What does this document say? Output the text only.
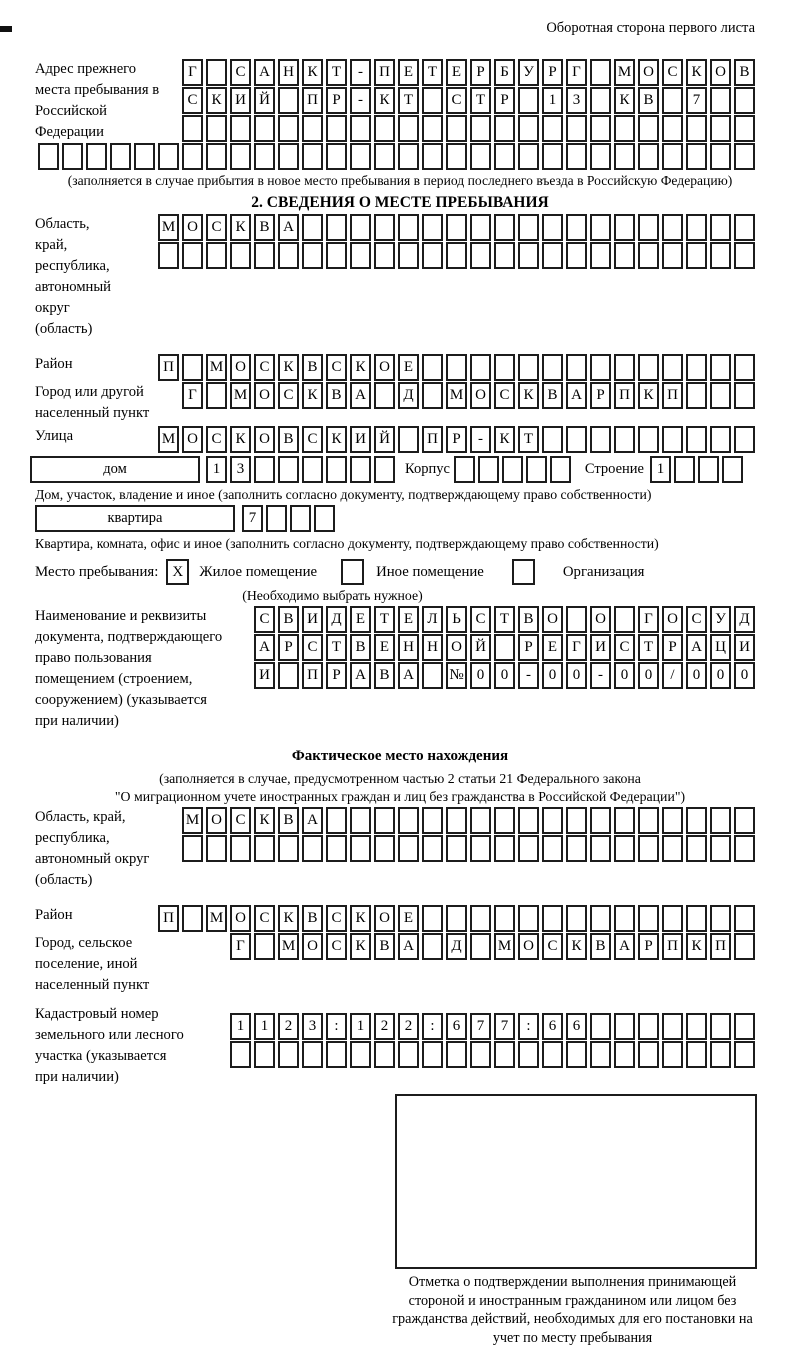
Оборотная сторона первого листа
Адрес прежнего места пребывания в Российской Федерации
Г	С А Н К Т	-	П Е Т Е	Р	Б У Р	Г	М О С К О В
С К И Й	П Р	-	К Т	С Т	Р	1	3	К В	7
(заполняется в случае прибытия в новое место пребывания в период последнего въезда в Российскую Федерацию)
2. СВЕДЕНИЯ О МЕСТЕ ПРЕБЫВАНИЯ
Область, край, республика, автономный округ (область)
М О С К В А
Район	П	М О С К В С К О Е
Город или другой населенный пункт
Г	М О С К В А	Д	М О С К В А Р П К П
Улица	М О С К О В С К И Й	П Р	-	К Т
дом	1	3	Корпус	Строение 1
Дом, участок, владение и иное (заполнить согласно документу, подтверждающему право собственности)
квартира	7
Квартира, комната, офис и иное (заполнить согласно документу, подтверждающему право собственности)
Место пребывания: X	Жилое помещение	Иное помещение	Организация
(Необходимо выбрать нужное)
Наименование и реквизиты документа, подтверждающего право пользования помещением (строением, сооружением) (указывается при наличии)
С В И Д Е Т Е Л Ь С Т В О	О	Г О С У Д
А Р С Т В Е Н Н О Й	Р	Е	Г И С Т	Р А Ц И
И	П Р А В А	№ 0	0	-	0	0	-	0	0	/	0	0	0
Фактическое место нахождения
(заполняется в случае, предусмотренном частью 2 статьи 21 Федерального закона
"О миграционном учете иностранных граждан и лиц без гражданства в Российской Федерации")
Область, край, республика, автономный округ (область)
М О С К В А
Район	П	М О С К В С К О Е
Город, сельское поселение, иной населенный пункт
Г	М О С К В А	Д	М О С К В А Р П К П
Кадастровый номер земельного или лесного участка (указывается при наличии)
1	1	2	3	:	1	2	2	:	6	7	7	:	6	6
Отметка о подтверждении выполнения принимающей стороной и иностранным гражданином или лицом без гражданства действий, необходимых для его постановки на учет по месту пребывания
